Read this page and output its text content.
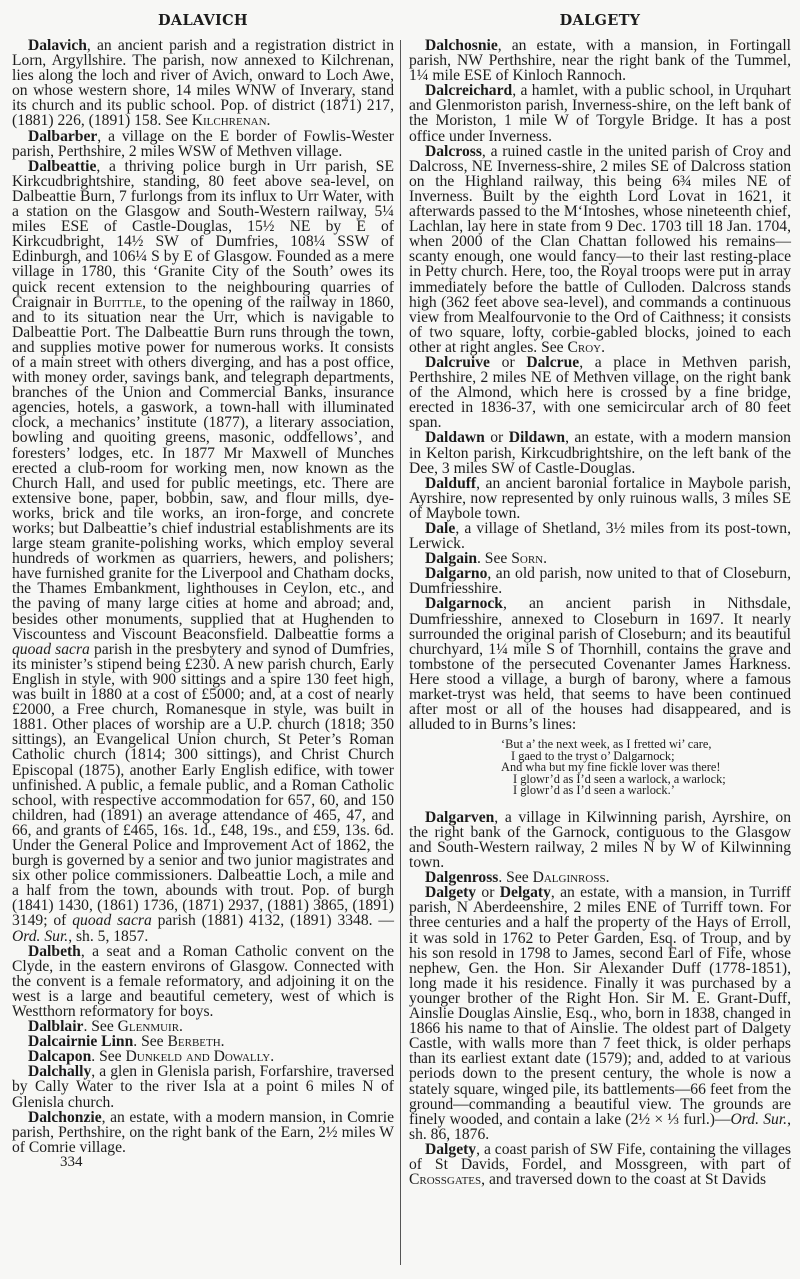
DALAVICH

Dalavich, an ancient parish and a registration district in Lorn, Argyllshire. The parish, now annexed to Kilchrenan, lies along the loch and river of Avich, onward to Loch Awe, on whose western shore, 14 miles WNW of Inverary, stand its church and its public school. Pop. of district (1871) 217, (1881) 226, (1891) 158. See Kilchrenan.

Dalbarber, a village on the E border of Fowlis-Wester parish, Perthshire, 2 miles WSW of Methven village.

Dalbeattie, a thriving police burgh in Urr parish, SE Kirkcudbrightshire, standing, 80 feet above sea-level, on Dalbeattie Burn, 7 furlongs from its influx to Urr Water, with a station on the Glasgow and South-Western railway, 5¼ miles ESE of Castle-Douglas, 15½ NE by E of Kirkcudbright, 14½ SW of Dumfries, 108¼ SSW of Edinburgh, and 106¼ S by E of Glasgow. Founded as a mere village in 1780, this ‘Granite City of the South’ owes its quick recent extension to the neighbouring quarries of Craignair in Buittle, to the opening of the railway in 1860, and to its situation near the Urr, which is navigable to Dalbeattie Port. The Dalbeattie Burn runs through the town, and supplies motive power for numerous works. It consists of a main street with others diverging, and has a post office, with money order, savings bank, and telegraph departments, branches of the Union and Commercial Banks, insurance agencies, hotels, a gaswork, a town-hall with illuminated clock, a mechanics’ institute (1877), a literary association, bowling and quoiting greens, masonic, oddfellows’, and foresters’ lodges, etc. In 1877 Mr Maxwell of Munches erected a club-room for working men, now known as the Church Hall, and used for public meetings, etc. There are extensive bone, paper, bobbin, saw, and flour mills, dye-works, brick and tile works, an iron-forge, and concrete works; but Dalbeattie’s chief industrial establishments are its large steam granite-polishing works, which employ several hundreds of workmen as quarriers, hewers, and polishers; have furnished granite for the Liverpool and Chatham docks, the Thames Embankment, lighthouses in Ceylon, etc., and the paving of many large cities at home and abroad; and, besides other monuments, supplied that at Hughenden to Viscountess and Viscount Beaconsfield. Dalbeattie forms a quoad sacra parish in the presbytery and synod of Dumfries, its minister’s stipend being £230. A new parish church, Early English in style, with 900 sittings and a spire 130 feet high, was built in 1880 at a cost of £5000; and, at a cost of nearly £2000, a Free church, Romanesque in style, was built in 1881. Other places of worship are a U.P. church (1818; 350 sittings), an Evangelical Union church, St Peter’s Roman Catholic church (1814; 300 sittings), and Christ Church Episcopal (1875), another Early English edifice, with tower unfinished. A public, a female public, and a Roman Catholic school, with respective accommodation for 657, 60, and 150 children, had (1891) an average attendance of 465, 47, and 66, and grants of £465, 16s. 1d., £48, 19s., and £59, 13s. 6d. Under the General Police and Improvement Act of 1862, the burgh is governed by a senior and two junior magistrates and six other police commissioners. Dalbeattie Loch, a mile and a half from the town, abounds with trout. Pop. of burgh (1841) 1430, (1861) 1736, (1871) 2937, (1881) 3865, (1891) 3149; of quoad sacra parish (1881) 4132, (1891) 3348. —Ord. Sur., sh. 5, 1857.

Dalbeth, a seat and a Roman Catholic convent on the Clyde, in the eastern environs of Glasgow. Connected with the convent is a female reformatory, and adjoining it on the west is a large and beautiful cemetery, west of which is Westthorn reformatory for boys.

Dalblair. See Glenmuir.

Dalcairnie Linn. See Berbeth.

Dalcapon. See Dunkeld and Dowally.

Dalchally, a glen in Glenisla parish, Forfarshire, traversed by Cally Water to the river Isla at a point 6 miles N of Glenisla church.

Dalchonzie, an estate, with a modern mansion, in Comrie parish, Perthshire, on the right bank of the Earn, 2½ miles W of Comrie village.

334
DALGETY

Dalchosnie, an estate, with a mansion, in Fortingall parish, NW Perthshire, near the right bank of the Tummel, 1¼ mile ESE of Kinloch Rannoch.

Dalcreichard, a hamlet, with a public school, in Urquhart and Glenmoriston parish, Inverness-shire, on the left bank of the Moriston, 1 mile W of Torgyle Bridge. It has a post office under Inverness.

Dalcross, a ruined castle in the united parish of Croy and Dalcross, NE Inverness-shire, 2 miles SE of Dalcross station on the Highland railway, this being 6¾ miles NE of Inverness. Built by the eighth Lord Lovat in 1621, it afterwards passed to the M‘Intoshes, whose nineteenth chief, Lachlan, lay here in state from 9 Dec. 1703 till 18 Jan. 1704, when 2000 of the Clan Chattan followed his remains—scanty enough, one would fancy—to their last resting-place in Petty church. Here, too, the Royal troops were put in array immediately before the battle of Culloden. Dalcross stands high (362 feet above sea-level), and commands a continuous view from Mealfourvonie to the Ord of Caithness; it consists of two square, lofty, corbie-gabled blocks, joined to each other at right angles. See Croy.

Dalcruive or Dalcrue, a place in Methven parish, Perthshire, 2 miles NE of Methven village, on the right bank of the Almond, which here is crossed by a fine bridge, erected in 1836-37, with one semicircular arch of 80 feet span.

Daldawn or Dildawn, an estate, with a modern mansion in Kelton parish, Kirkcudbrightshire, on the left bank of the Dee, 3 miles SW of Castle-Douglas.

Dalduff, an ancient baronial fortalice in Maybole parish, Ayrshire, now represented by only ruinous walls, 3 miles SE of Maybole town.

Dale, a village of Shetland, 3½ miles from its post-town, Lerwick.

Dalgain. See Sorn.

Dalgarno, an old parish, now united to that of Closeburn, Dumfriesshire.

Dalgarnock, an ancient parish in Nithsdale, Dumfriesshire, annexed to Closeburn in 1697. It nearly surrounded the original parish of Closeburn; and its beautiful churchyard, 1¼ mile S of Thornhill, contains the grave and tombstone of the persecuted Covenanter James Harkness. Here stood a village, a burgh of barony, where a famous market-tryst was held, that seems to have been continued after most or all of the houses had disappeared, and is alluded to in Burns’s lines:

‘But a’ the next week, as I fretted wi’ care,
I gaed to the tryst o’ Dalgarnock;
And wha but my fine fickle lover was there!
I glowr’d as I’d seen a warlock, a warlock;
I glowr’d as I’d seen a warlock.’

Dalgarven, a village in Kilwinning parish, Ayrshire, on the right bank of the Garnock, contiguous to the Glasgow and South-Western railway, 2 miles N by W of Kilwinning town.

Dalgenross. See Dalginross.

Dalgety or Delgaty, an estate, with a mansion, in Turriff parish, N Aberdeenshire, 2 miles ENE of Turriff town. For three centuries and a half the property of the Hays of Erroll, it was sold in 1762 to Peter Garden, Esq. of Troup, and by his son resold in 1798 to James, second Earl of Fife, whose nephew, Gen. the Hon. Sir Alexander Duff (1778-1851), long made it his residence. Finally it was purchased by a younger brother of the Right Hon. Sir M. E. Grant-Duff, Ainslie Douglas Ainslie, Esq., who, born in 1838, changed in 1866 his name to that of Ainslie. The oldest part of Dalgety Castle, with walls more than 7 feet thick, is older perhaps than its earliest extant date (1579); and, added to at various periods down to the present century, the whole is now a stately square, winged pile, its battlements—66 feet from the ground—commanding a beautiful view. The grounds are finely wooded, and contain a lake (2½ × ⅓ furl.)—Ord. Sur., sh. 86, 1876.

Dalgety, a coast parish of SW Fife, containing the villages of St Davids, Fordel, and Mossgreen, with part of Crossgates, and traversed down to the coast at St Davids
